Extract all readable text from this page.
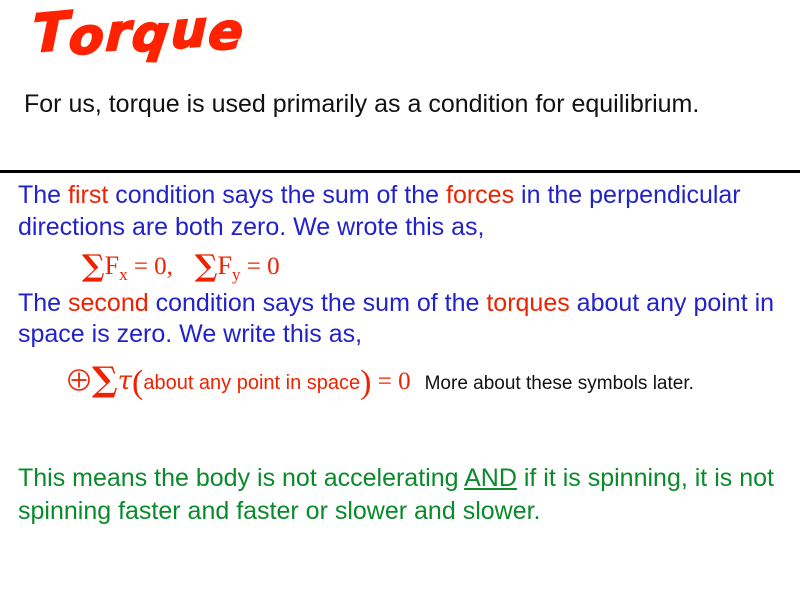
Torque
For us, torque is used primarily as a condition for equilibrium.
The first condition says the sum of the forces in the perpendicular directions are both zero. We wrote this as,
$\sum F_x = 0$, $\sum F_y = 0$
The second condition says the sum of the torques about any point in space is zero. We write this as,
∑τ(about any point in space) = 0 More about these symbols later.
This means the body is not accelerating AND if it is spinning, it is not spinning faster and faster or slower and slower.
